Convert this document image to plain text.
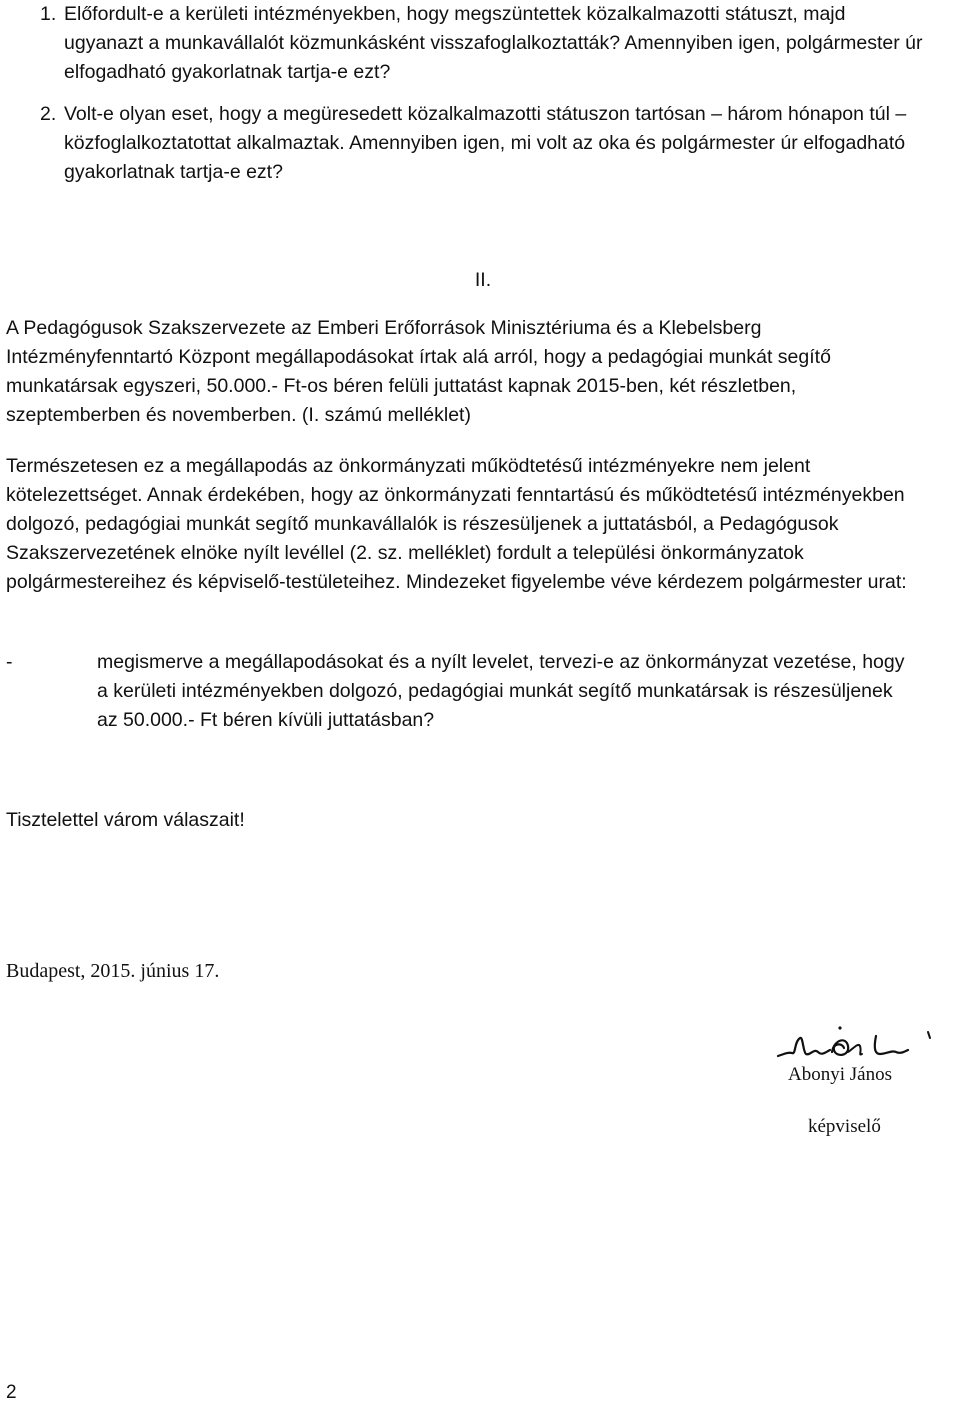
1. Előfordult-e a kerületi intézményekben, hogy megszüntettek közalkalmazotti státuszt, majd ugyanazt a munkavállalót közmunkásként visszafoglalkoztatták? Amennyiben igen, polgármester úr elfogadható gyakorlatnak tartja-e ezt?
2. Volt-e olyan eset, hogy a megüresedett közalkalmazotti státuszon tartósan – három hónapon túl – közfoglalkoztatottat alkalmaztak. Amennyiben igen, mi volt az oka és polgármester úr elfogadható gyakorlatnak tartja-e ezt?
II.

A Pedagógusok Szakszervezete az Emberi Erőforrások Minisztériuma és a Klebelsberg Intézményfenntartó Központ megállapodásokat írtak alá arról, hogy a pedagógiai munkát segítő munkatársak egyszeri, 50.000.- Ft-os béren felüli juttatást kapnak 2015-ben, két részletben, szeptemberben és novemberben. (I. számú melléklet)

Természetesen ez a megállapodás az önkormányzati működtetésű intézményekre nem jelent kötelezettséget. Annak érdekében, hogy az önkormányzati fenntartású és működtetésű intézményekben dolgozó, pedagógiai munkát segítő munkavállalók is részesüljenek a juttatásból, a Pedagógusok Szakszervezetének elnöke nyílt levéllel (2. sz. melléklet) fordult a települési önkormányzatok polgármestereihez és képviselő-testületeihez. Mindezeket figyelembe véve kérdezem polgármester urat:

-	megismerve a megállapodásokat és a nyílt levelet, tervezi-e az önkormányzat vezetése, hogy a kerületi intézményekben dolgozó, pedagógiai munkát segítő munkatársak is részesüljenek az 50.000.- Ft béren kívüli juttatásban?
Tisztelettel várom válaszait!
Budapest, 2015. június 17.
Abonyi János
képviselő
2
